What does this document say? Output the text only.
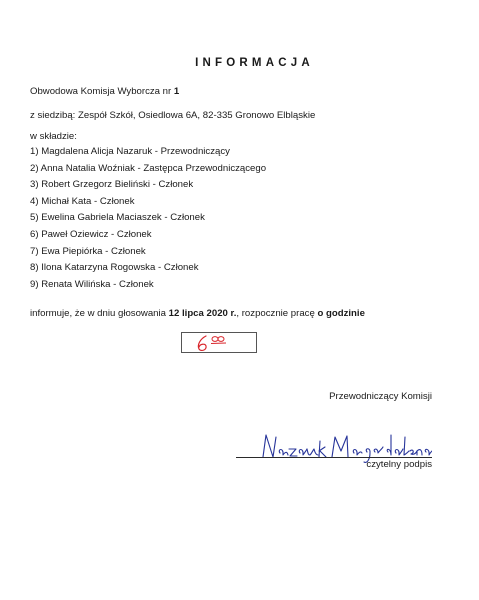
INFORMACJA
Obwodowa Komisja Wyborcza nr 1
z siedzibą: Zespół Szkół, Osiedlowa 6A, 82-335 Gronowo Elbląskie
w składzie:
1) Magdalena Alicja Nazaruk - Przewodniczący
2) Anna Natalia Woźniak - Zastępca Przewodniczącego
3) Robert Grzegorz Bieliński - Członek
4) Michał Kata - Członek
5) Ewelina Gabriela Maciaszek - Członek
6) Paweł Oziewicz - Członek
7) Ewa Piepiórka - Członek
8) Ilona Katarzyna Rogowska - Członek
9) Renata Wilińska - Członek
informuje, że w dniu głosowania 12 lipca 2020 r., rozpocznie pracę o godzinie
Przewodniczący Komisji
czytelny podpis
